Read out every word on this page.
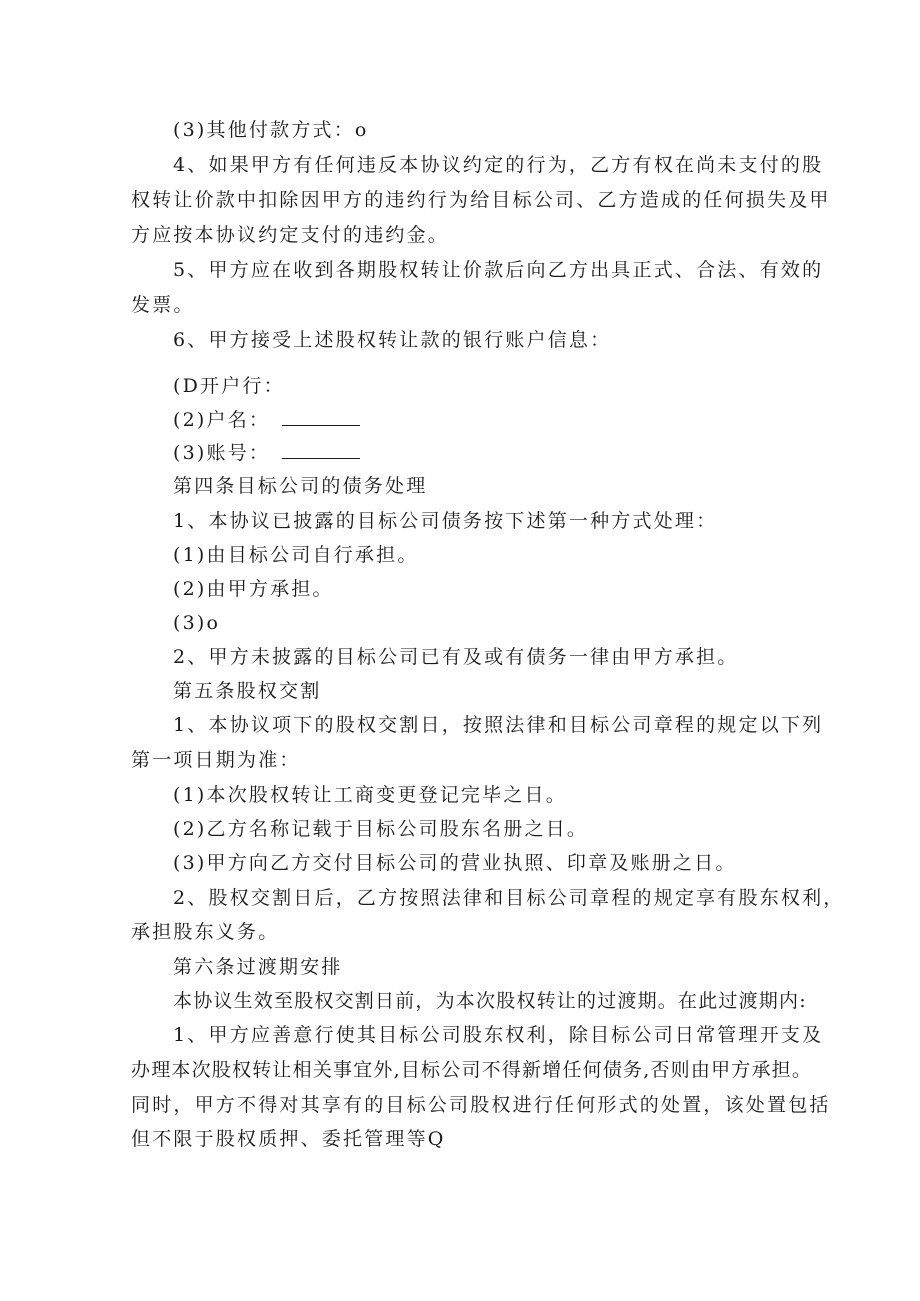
(3)其他付款方式：o
4、如果甲方有任何违反本协议约定的行为，乙方有权在尚未支付的股
权转让价款中扣除因甲方的违约行为给目标公司、乙方造成的任何损失及甲
方应按本协议约定支付的违约金。
5、甲方应在收到各期股权转让价款后向乙方出具正式、合法、有效的
发票。
6、甲方接受上述股权转让款的银行账户信息：
(D开户行：
(2)户名：
(3)账号：
第四条目标公司的债务处理
1、本协议已披露的目标公司债务按下述第一种方式处理：
(1)由目标公司自行承担。
(2)由甲方承担。
(3)o
2、甲方未披露的目标公司已有及或有债务一律由甲方承担。
第五条股权交割
1、本协议项下的股权交割日，按照法律和目标公司章程的规定以下列
第一项日期为准：
(1)本次股权转让工商变更登记完毕之日。
(2)乙方名称记载于目标公司股东名册之日。
(3)甲方向乙方交付目标公司的营业执照、印章及账册之日。
2、股权交割日后，乙方按照法律和目标公司章程的规定享有股东权利，
承担股东义务。
第六条过渡期安排
本协议生效至股权交割日前，为本次股权转让的过渡期。在此过渡期内:
1、甲方应善意行使其目标公司股东权利，除目标公司日常管理开支及
办理本次股权转让相关事宜外,目标公司不得新增任何债务,否则由甲方承担。
同时，甲方不得对其享有的目标公司股权进行任何形式的处置，该处置包括
但不限于股权质押、委托管理等Q
